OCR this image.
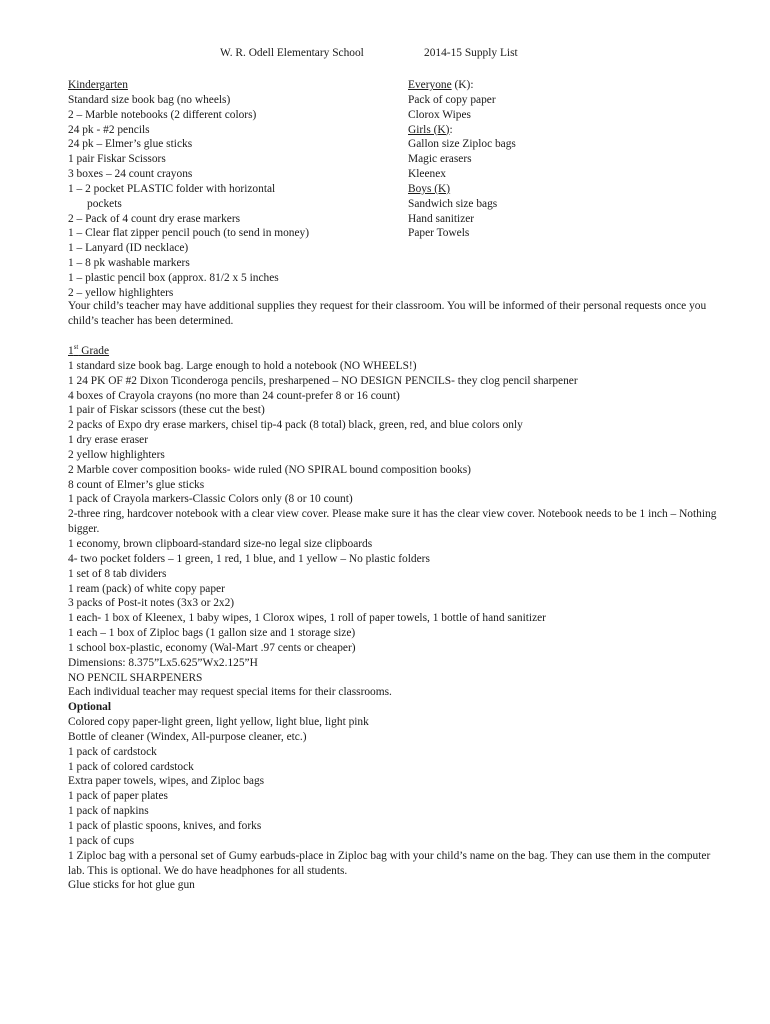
W. R. Odell Elementary School	2014-15 Supply List
Kindergarten
Standard size book bag (no wheels)
2 – Marble notebooks (2 different colors)
24 pk - #2 pencils
24 pk – Elmer’s glue sticks
1 pair Fiskar Scissors
3 boxes – 24 count crayons
1 – 2 pocket PLASTIC folder with horizontal
pockets
2 – Pack of 4 count dry erase markers
1 – Clear flat zipper pencil pouch (to send in money)
1 – Lanyard (ID necklace)
1 – 8 pk washable markers
1 – plastic pencil box (approx. 81/2 x 5 inches
2 – yellow highlighters
Everyone (K):
Pack of copy paper
Clorox Wipes
Girls (K):
Gallon size Ziploc bags
Magic erasers
Kleenex
Boys (K)
Sandwich size bags
Hand sanitizer
Paper Towels
Your child’s teacher may have additional supplies they request for their classroom. You will be informed of their personal requests once you child’s teacher has been determined.
1st Grade
1 standard size book bag. Large enough to hold a notebook (NO WHEELS!)
1 24 PK OF #2 Dixon Ticonderoga pencils, presharpened – NO DESIGN PENCILS- they clog pencil sharpener
4 boxes of Crayola crayons (no more than 24 count-prefer 8 or 16 count)
1 pair of Fiskar scissors (these cut the best)
2 packs of Expo dry erase markers, chisel tip-4 pack (8 total) black, green, red, and blue colors only
1 dry erase eraser
2 yellow highlighters
2 Marble cover composition books- wide ruled (NO SPIRAL bound composition books)
8 count of Elmer’s glue sticks
1 pack of Crayola markers-Classic Colors only (8 or 10 count)
2-three ring, hardcover notebook with a clear view cover. Please make sure it has the clear view cover. Notebook needs to be 1 inch – Nothing bigger.
1 economy, brown clipboard-standard size-no legal size clipboards
4- two pocket folders – 1 green, 1 red, 1 blue, and 1 yellow – No plastic folders
1 set of 8 tab dividers
1 ream (pack) of white copy paper
3 packs of Post-it notes (3x3 or 2x2)
1 each- 1 box of Kleenex, 1 baby wipes, 1 Clorox wipes, 1 roll of paper towels, 1 bottle of hand sanitizer
1 each – 1 box of Ziploc bags (1 gallon size and 1 storage size)
1 school box-plastic, economy (Wal-Mart .97 cents or cheaper)
Dimensions: 8.375”Lx5.625”Wx2.125”H
NO PENCIL SHARPENERS
Each individual teacher may request special items for their classrooms.
Optional
Colored copy paper-light green, light yellow, light blue, light pink
Bottle of cleaner (Windex, All-purpose cleaner, etc.)
1 pack of cardstock
1 pack of colored cardstock
Extra paper towels, wipes, and Ziploc bags
1 pack of paper plates
1 pack of napkins
1 pack of plastic spoons, knives, and forks
1 pack of cups
1 Ziploc bag with a personal set of Gumy earbuds-place in Ziploc bag with your child’s name on the bag. They can use them in the computer lab. This is optional. We do have headphones for all students.
Glue sticks for hot glue gun
